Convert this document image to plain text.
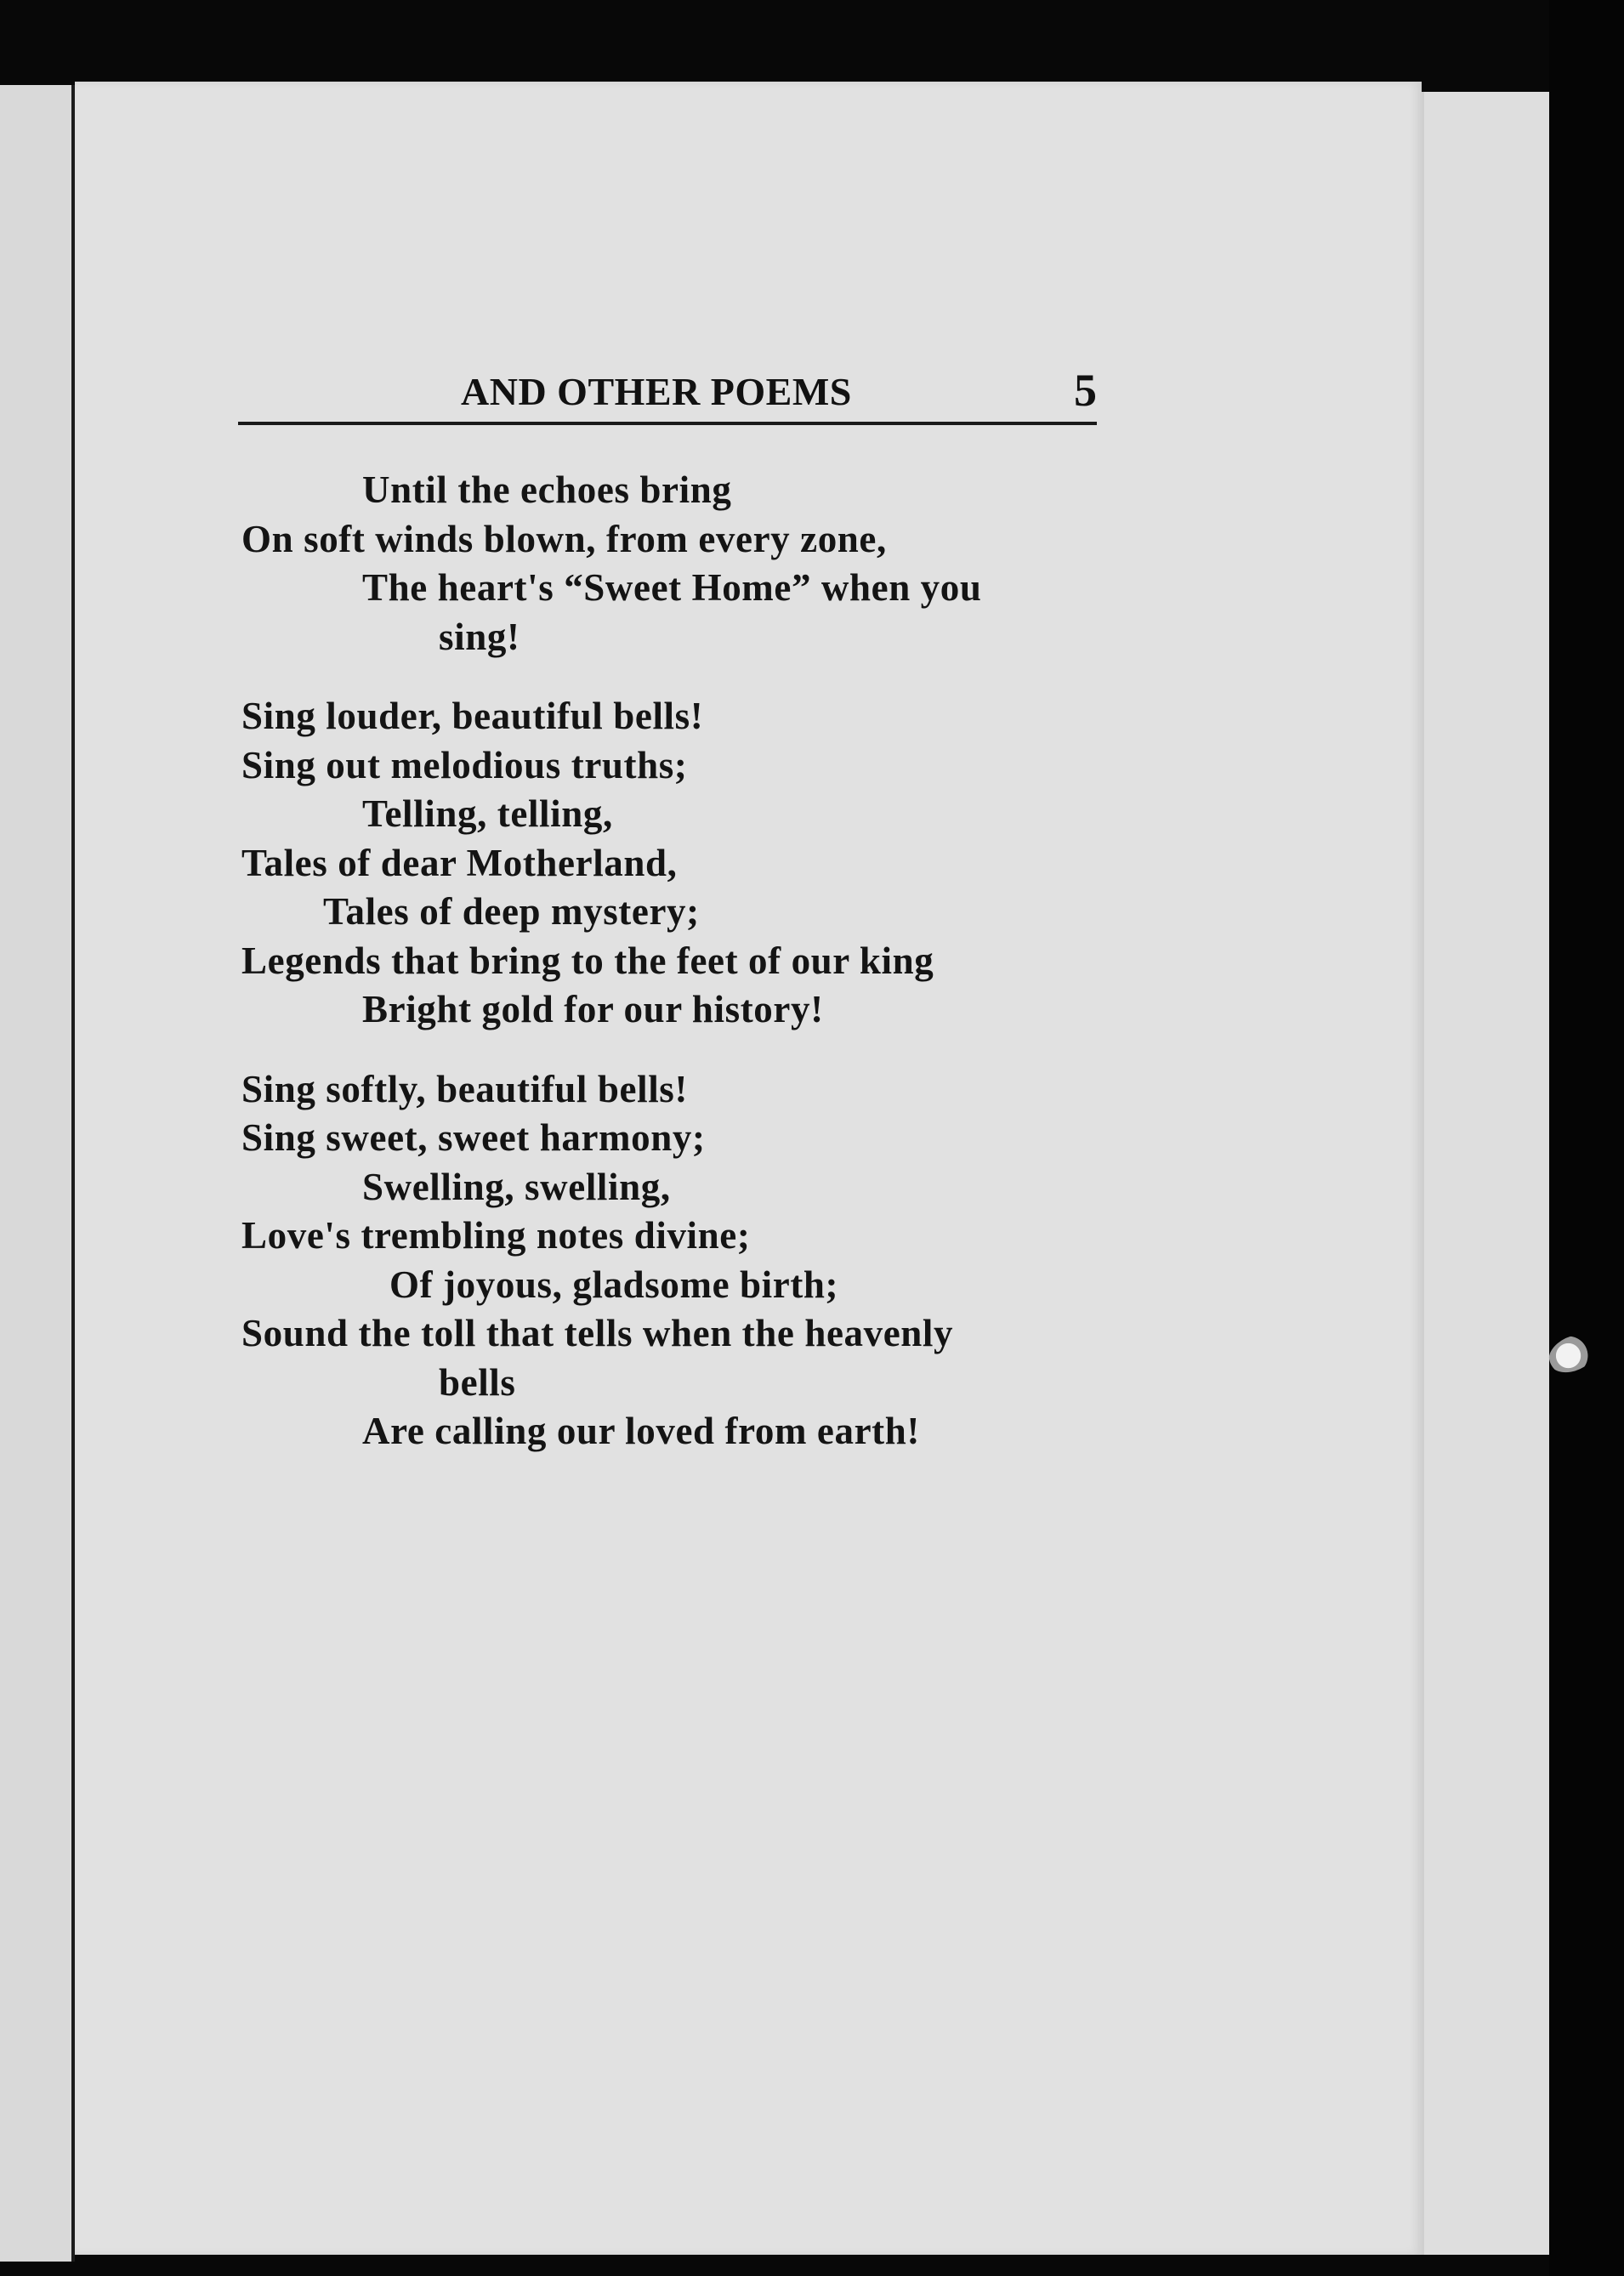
AND OTHER POEMS	5
Until the echoes bring
On soft winds blown, from every zone,
The heart's “Sweet Home” when you
sing!
Sing louder, beautiful bells!
Sing out melodious truths;
Telling, telling,
Tales of dear Motherland,
Tales of deep mystery;
Legends that bring to the feet of our king
Bright gold for our history!
Sing softly, beautiful bells!
Sing sweet, sweet harmony;
Swelling, swelling,
Love's trembling notes divine;
Of joyous, gladsome birth;
Sound the toll that tells when the heavenly
bells
Are calling our loved from earth!
